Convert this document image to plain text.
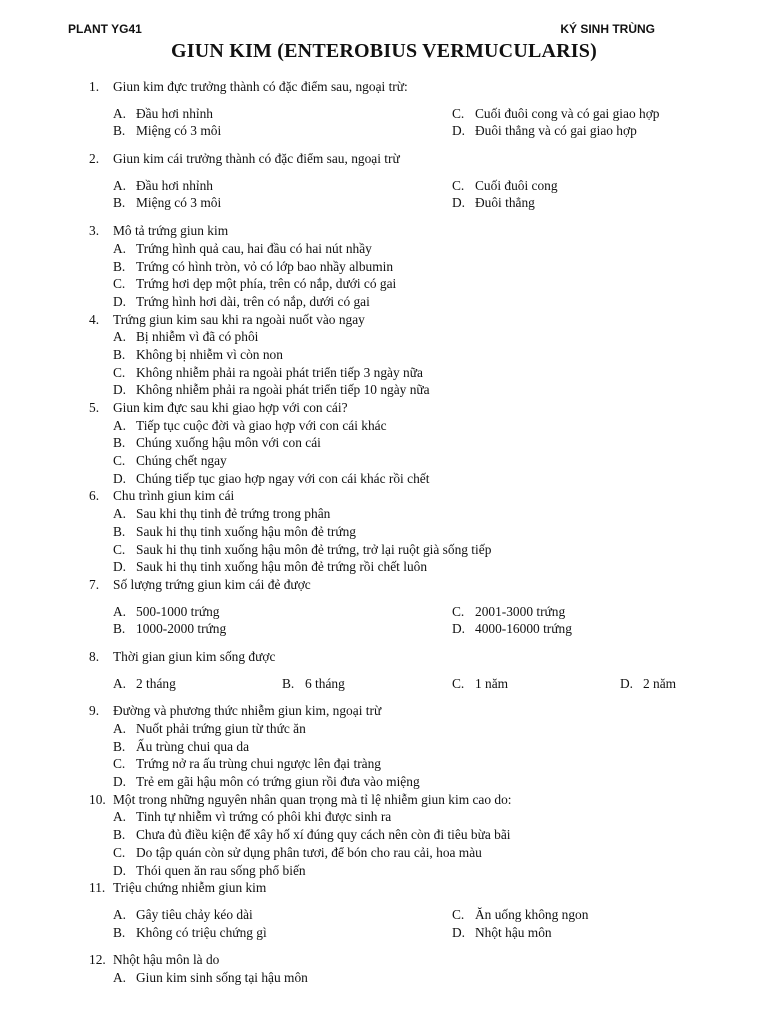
PLANT YG41	KÝ SINH TRÙNG
GIUN KIM (ENTEROBIUS VERMUCULARIS)
1. Giun kim đực trưởng thành có đặc điểm sau, ngoại trừ:
A. Đầu hơi nhỉnh	C. Cuối đuôi cong và có gai giao hợp
B. Miệng có 3 môi	D. Đuôi thẳng và có gai giao hợp
2. Giun kim cái trưởng thành có đặc điểm sau, ngoại trừ
A. Đầu hơi nhỉnh	C. Cuối đuôi cong
B. Miệng có 3 môi	D. Đuôi thẳng
3. Mô tả trứng giun kim
A. Trứng hình quả cau, hai đầu có hai nút nhầy
B. Trứng có hình tròn, vỏ có lớp bao nhầy albumin
C. Trứng hơi dẹp một phía, trên có nắp, dưới có gai
D. Trứng hình hơi dài, trên có nắp, dưới có gai
4. Trứng giun kim sau khi ra ngoài nuốt vào ngay
A. Bị nhiễm vì đã có phôi
B. Không bị nhiễm vì còn non
C. Không nhiễm phải ra ngoài phát triển tiếp 3 ngày nữa
D. Không nhiễm phải ra ngoài phát triển tiếp 10 ngày nữa
5. Giun kim đực sau khi giao hợp với con cái?
A. Tiếp tục cuộc đời và giao hợp với con cái khác
B. Chúng xuống hậu môn với con cái
C. Chúng chết ngay
D. Chúng tiếp tục giao hợp ngay với con cái khác rồi chết
6. Chu trình giun kim cái
A. Sau khi thụ tinh đẻ trứng trong phân
B. Sauk hi thụ tinh xuống hậu môn đẻ trứng
C. Sauk hi thụ tinh xuống hậu môn đẻ trứng, trở lại ruột già sống tiếp
D. Sauk hi thụ tinh xuống hậu môn đẻ trứng rồi chết luôn
7. Số lượng trứng giun kim cái đẻ được
A. 500-1000 trứng	C. 2001-3000 trứng
B. 1000-2000 trứng	D. 4000-16000 trứng
8. Thời gian giun kim sống được
A. 2 tháng	B. 6 tháng	C. 1 năm	D. 2 năm
9. Đường và phương thức nhiễm giun kim, ngoại trừ
A. Nuốt phải trứng giun từ thức ăn
B. Ấu trùng chui qua da
C. Trứng nở ra ấu trùng chui ngược lên đại tràng
D. Trẻ em gãi hậu môn có trứng giun rồi đưa vào miệng
10. Một trong những nguyên nhân quan trọng mà tỉ lệ nhiễm giun kim cao do:
A. Tinh tự nhiễm vì trứng có phôi khi được sinh ra
B. Chưa đủ điều kiện để xây hố xí đúng quy cách nên còn đi tiêu bừa bãi
C. Do tập quán còn sử dụng phân tươi, để bón cho rau cải, hoa màu
D. Thói quen ăn rau sống phổ biến
11. Triệu chứng nhiễm giun kim
A. Gây tiêu chảy kéo dài	C. Ăn uống không ngon
B. Không có triệu chứng gì	D. Nhột hậu môn
12. Nhột hậu môn là do
A. Giun kim sinh sống tại hậu môn
